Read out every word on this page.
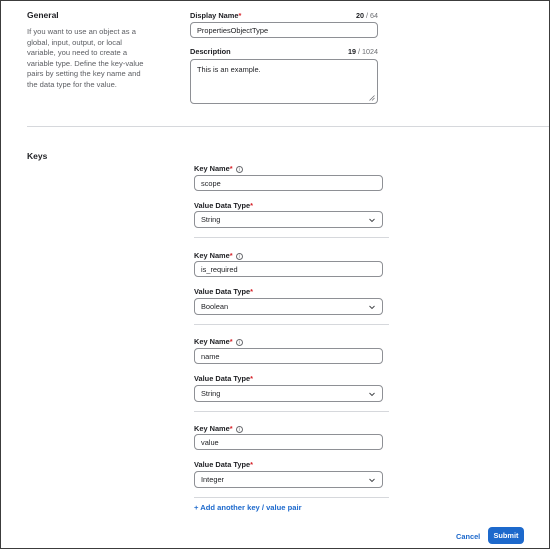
General
If you want to use an object as a global, input, output, or local variable, you need to create a variable type. Define the key-value pairs by setting the key name and the data type for the value.
Display Name*	20 / 64
PropertiesObjectType
Description	19 / 1024
This is an example.
Keys
Key Name* i
scope
Value Data Type*
String
Key Name* i
is_required
Value Data Type*
Boolean
Key Name* i
name
Value Data Type*
String
Key Name* i
value
Value Data Type*
Integer
+ Add another key / value pair
Cancel	Submit
